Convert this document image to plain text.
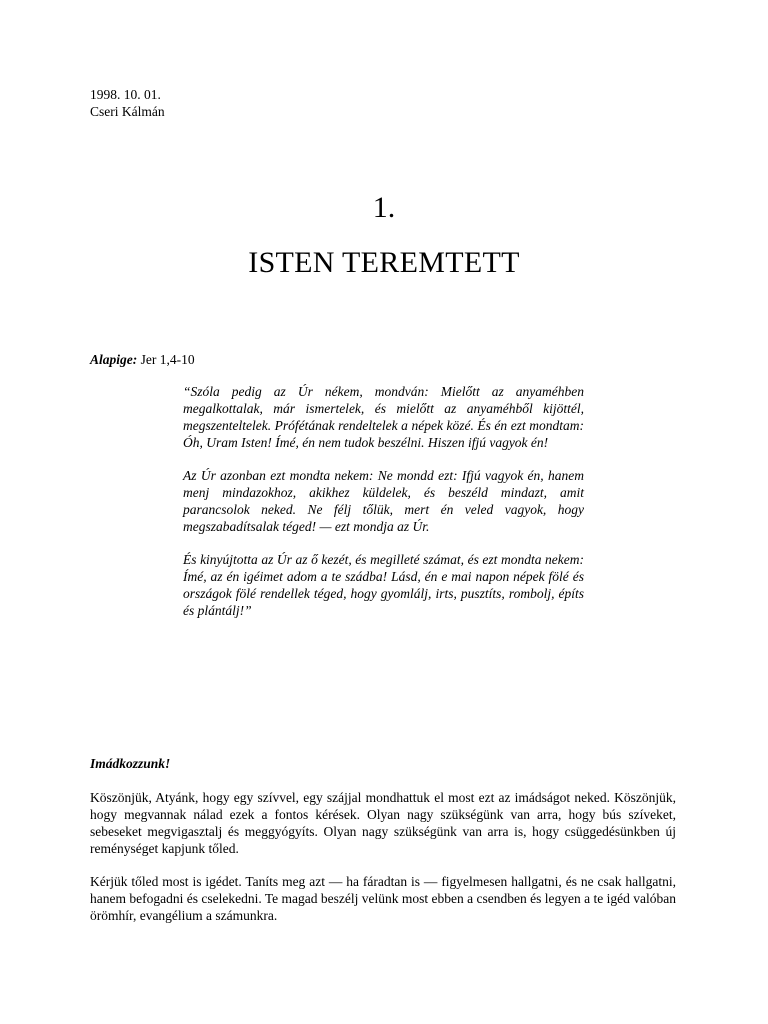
1998. 10. 01.
Cseri Kálmán
1.
ISTEN TEREMTETT
Alapige: Jer 1,4-10

“Szóla pedig az Úr nékem, mondván: Mielőtt az anyaméhben megalkottalak, már ismertelek, és mielőtt az anyaméhből kijöttél, megszenteltelek. Prófétának rendeltelek a népek közé. És én ezt mondtam: Óh, Uram Isten! Ímé, én nem tudok beszélni. Hiszen ifjú vagyok én!

Az Úr azonban ezt mondta nekem: Ne mondd ezt: Ifjú vagyok én, hanem menj mindazokhoz, akikhez küldelek, és beszéld mindazt, amit parancsolok neked. Ne félj tőlük, mert én veled vagyok, hogy megszabadítsalak téged! — ezt mondja az Úr.

És kinyújtotta az Úr az ő kezét, és megilleté számat, és ezt mondta nekem: Ímé, az én igéimet adom a te szádba! Lásd, én e mai napon népek fölé és országok fölé rendellek téged, hogy gyomlálj, irts, pusztíts, rombolj, építs és plántálj!”

Imádkozzunk!

Köszönjük, Atyánk, hogy egy szívvel, egy szájjal mondhattuk el most ezt az imádságot neked. Köszönjük, hogy megvannak nálad ezek a fontos kérések. Olyan nagy szükségünk van arra, hogy bús szíveket, sebeseket megvigasztalj és meggyógyíts. Olyan nagy szükségünk van arra is, hogy csüggedésünkben új reménységet kapjunk tőled.

Kérjük tőled most is igédet. Taníts meg azt — ha fáradtan is — figyelmesen hallgatni, és ne csak hallgatni, hanem befogadni és cselekedni. Te magad beszélj velünk most ebben a csendben és legyen a te igéd valóban örömhír, evangélium a számunkra.
